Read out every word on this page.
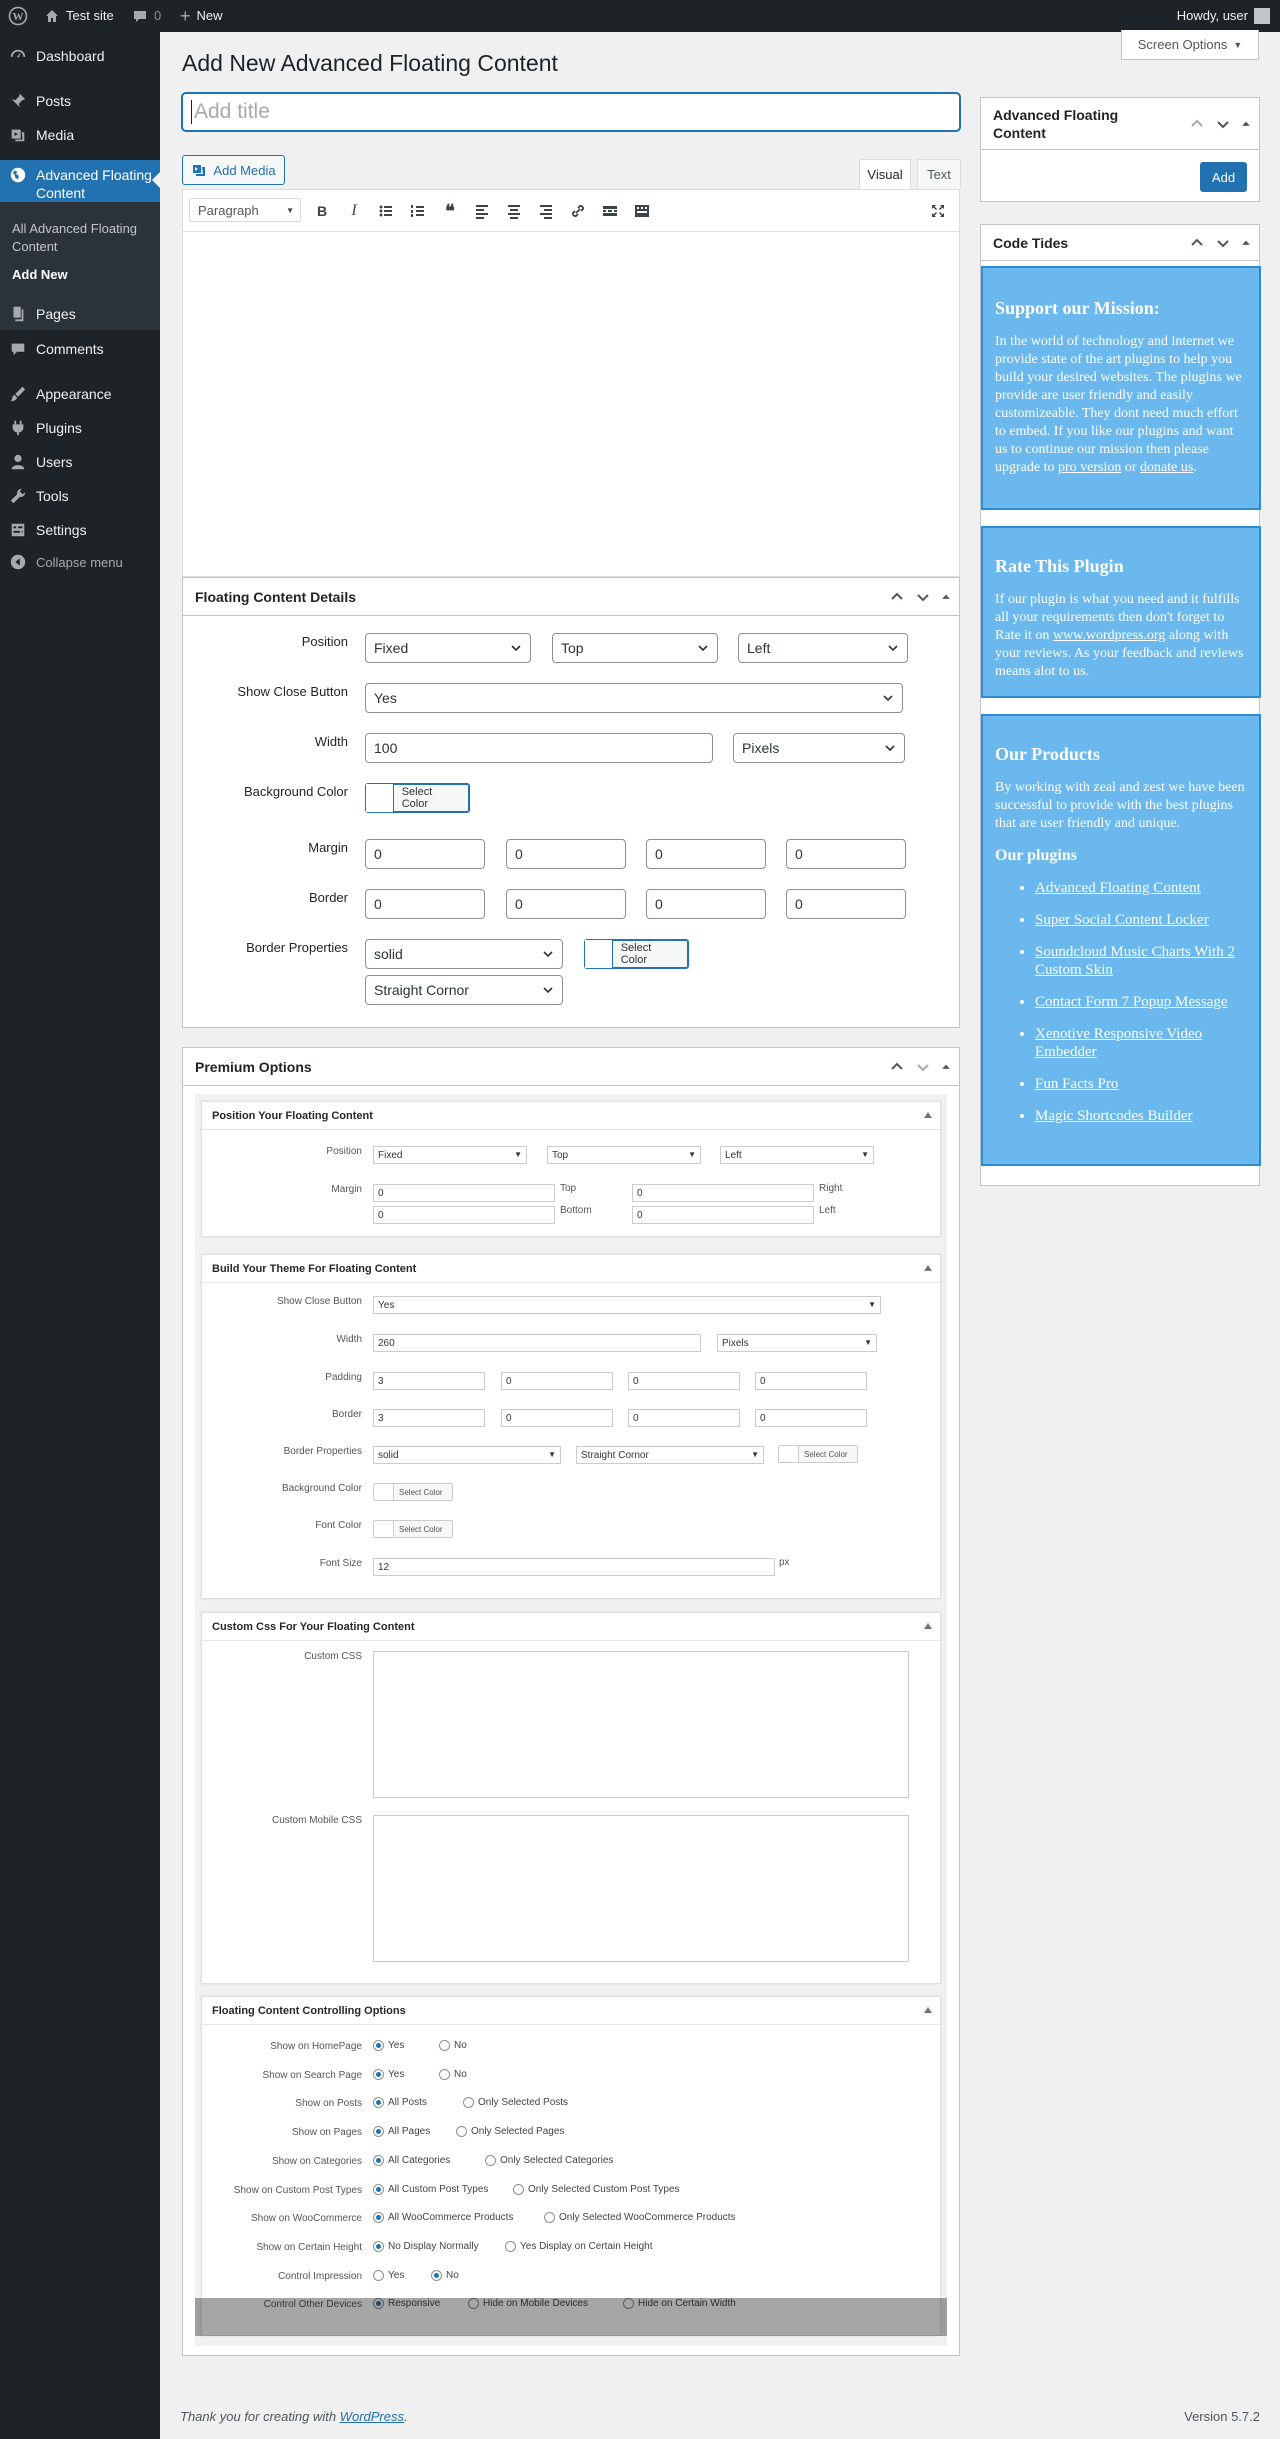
W	Test site	0 + New	Howdy, user
Dashboard
Posts
Media
Advanced Floating Content
All Advanced Floating Content
Add New
Pages
Comments
Appearance
Plugins
Users
Tools
Settings
Collapse menu
Add New Advanced Floating Content
Screen Options ▼
Add title
Add Media	Visual	Text
Paragraph	▼	B	I	❝
Floating Content Details
Position Fixed	Top	Left
Show Close Button Yes
Width	100	Pixels
Background Color	Select Color
Margin	0	0	0	0
Border	0	0	0	0
Border Properties solid	Select Color
Straight Cornor
Premium Options
Position Your Floating Content
Position Fixed	▼	Top	▼	Left	▼
Margin	0	Top	0	Right
0	Bottom	0	Left
Build Your Theme For Floating Content
Show Close Button Yes	▼
Width	260	Pixels	▼
Padding	3	0	0	0
Border	3	0	0	0
Border Properties solid	▼	Straight Cornor	▼	Select Color
Background Color	Select Color
Font Color	Select Color
Font Size	12	px
Custom Css For Your Floating Content
Custom CSS
Custom Mobile CSS
Floating Content Controlling Options
Show on HomePage	Yes	No
Show on Search Page	Yes	No
Show on Posts	All Posts	Only Selected Posts
Show on Pages	All Pages	Only Selected Pages
Show on Categories	All Categories	Only Selected Categories
Show on Custom Post Types	All Custom Post Types	Only Selected Custom Post Types
Show on WooCommerce	All WooCommerce Products	Only Selected WooCommerce Products
Show on Certain Height	No Display Normally	Yes Display on Certain Height
Control Impression	Yes	No
Control Other Devices	Responsive	Hide on Mobile Devices	Hide on Certain Width
Advanced Floating Content
Add
Code Tides
Support our Mission:

In the world of technology and internet we provide state of the art plugins to help you build your desired websites. The plugins we provide are user friendly and easily customizeable. They dont need much effort to embed. If you like our plugins and want us to continue our mission then please upgrade to pro version or donate us.

Rate This Plugin

If our plugin is what you need and it fulfills all your requirements then don't forget to Rate it on www.wordpress.org along with your reviews. As your feedback and reviews means alot to us.

Our Products

By working with zeal and zest we have been successful to provide with the best plugins that are user friendly and unique.

Our plugins
• Advanced Floating Content
• Super Social Content Locker
• Soundcloud Music Charts With 2 Custom Skin
• Contact Form 7 Popup Message
• Xenotive Responsive Video Embedder
• Fun Facts Pro
• Magic Shortcodes Builder
Thank you for creating with WordPress.	Version 5.7.2
